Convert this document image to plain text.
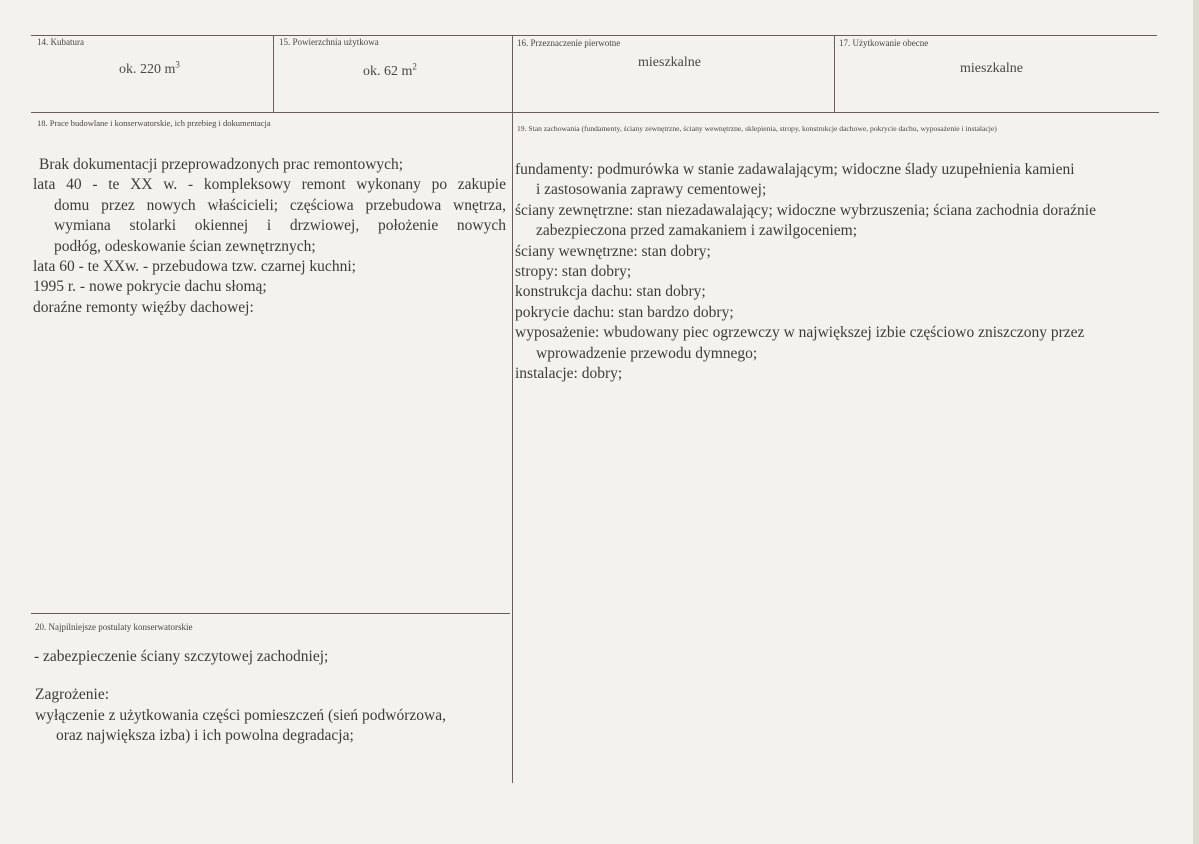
14. Kubatura
ok. 220 $m^3$
15. Powierzchnia użytkowa
ok. 62 $m^2$
16. Przeznaczenie pierwotne
mieszkalne
17. Użytkowanie obecne
mieszkalne
18. Prace budowlane i konserwatorskie, ich przebieg i dokumentacja
Brak dokumentacji przeprowadzonych prac remontowych;
lata 40 - te XX w. - kompleksowy remont wykonany po zakupie
domu przez nowych właścicieli; częściowa przebudowa wnętrza,
wymiana stolarki okiennej i drzwiowej, położenie nowych
podłóg, odeskowanie ścian zewnętrznych;
lata 60 - te XXw. - przebudowa tzw. czarnej kuchni;
1995 r. - nowe pokrycie dachu słomą;
doraźne remonty więźby dachowej:
19. Stan zachowania (fundamenty, ściany zewnętrzne, ściany wewnętrzne, sklepienia, stropy, konstrukcje dachowe, pokrycie dachu, wyposażenie i instalacje)
fundamenty: podmurówka w stanie zadawalającym; widoczne ślady uzupełnienia kamieni
i zastosowania zaprawy cementowej;
ściany zewnętrzne: stan niezadawalający; widoczne wybrzuszenia; ściana zachodnia doraźnie
zabezpieczona przed zamakaniem i zawilgoceniem;
ściany wewnętrzne: stan dobry;
stropy: stan dobry;
konstrukcja dachu: stan dobry;
pokrycie dachu: stan bardzo dobry;
wyposażenie: wbudowany piec ogrzewczy w największej izbie częściowo zniszczony przez
wprowadzenie przewodu dymnego;
instalacje: dobry;
20. Najpilniejsze postulaty konserwatorskie
- zabezpieczenie ściany szczytowej zachodniej;
Zagrożenie:
wyłączenie z użytkowania części pomieszczeń (sień podwórzowa,
oraz największa izba) i ich powolna degradacja;
